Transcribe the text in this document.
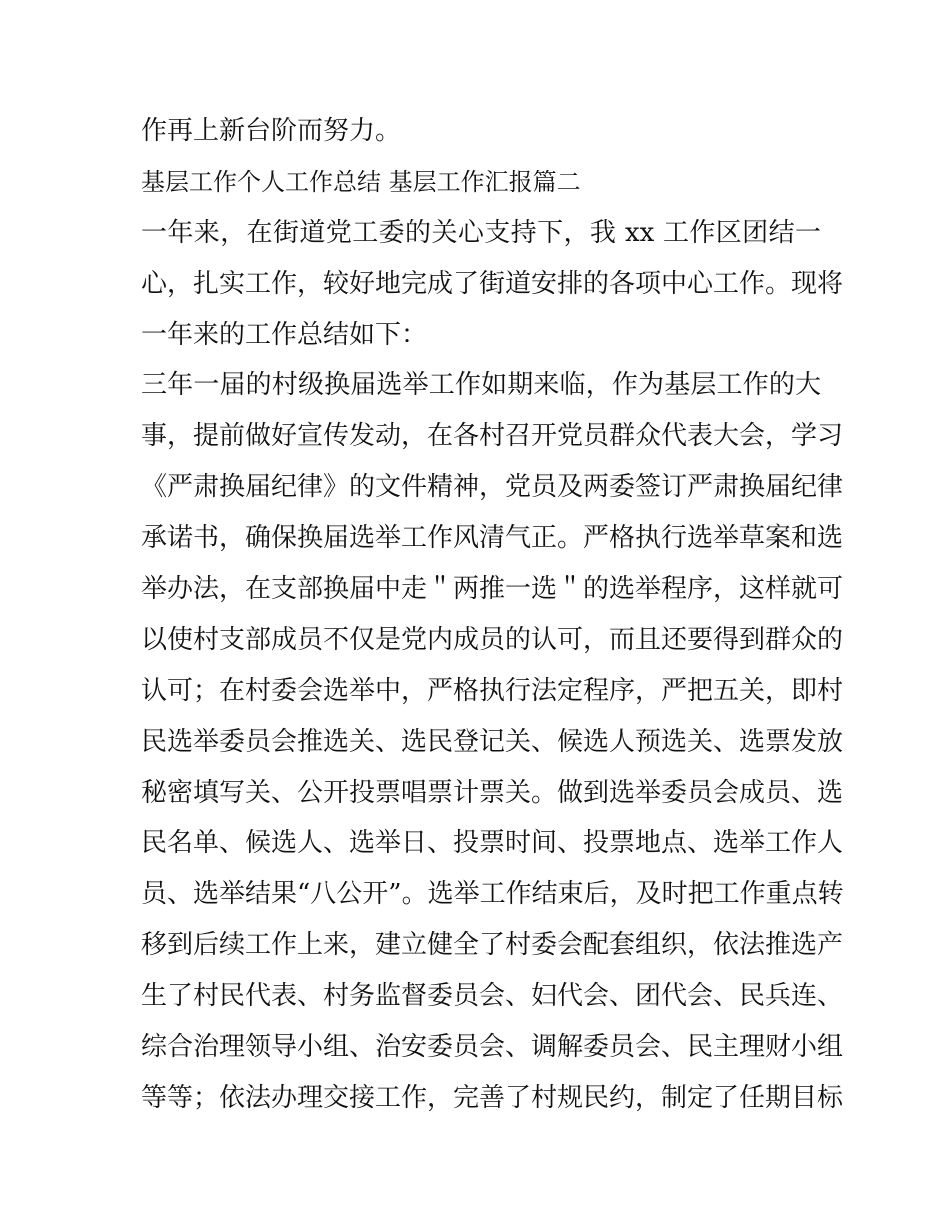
作再上新台阶而努力。
基层工作个人工作总结 基层工作汇报篇二
一年来，在街道党工委的关心支持下，我 xx 工作区团结一
心，扎实工作，较好地完成了街道安排的各项中心工作。现将
一年来的工作总结如下：
三年一届的村级换届选举工作如期来临，作为基层工作的大
事，提前做好宣传发动，在各村召开党员群众代表大会，学习
《严肃换届纪律》的文件精神，党员及两委签订严肃换届纪律
承诺书，确保换届选举工作风清气正。严格执行选举草案和选
举办法，在支部换届中走＂两推一选＂的选举程序，这样就可
以使村支部成员不仅是党内成员的认可，而且还要得到群众的
认可；在村委会选举中，严格执行法定程序，严把五关，即村
民选举委员会推选关、选民登记关、候选人预选关、选票发放
秘密填写关、公开投票唱票计票关。做到选举委员会成员、选
民名单、候选人、选举日、投票时间、投票地点、选举工作人
员、选举结果“八公开”。选举工作结束后，及时把工作重点转
移到后续工作上来，建立健全了村委会配套组织，依法推选产
生了村民代表、村务监督委员会、妇代会、团代会、民兵连、
综合治理领导小组、治安委员会、调解委员会、民主理财小组
等等；依法办理交接工作，完善了村规民约，制定了任期目标
